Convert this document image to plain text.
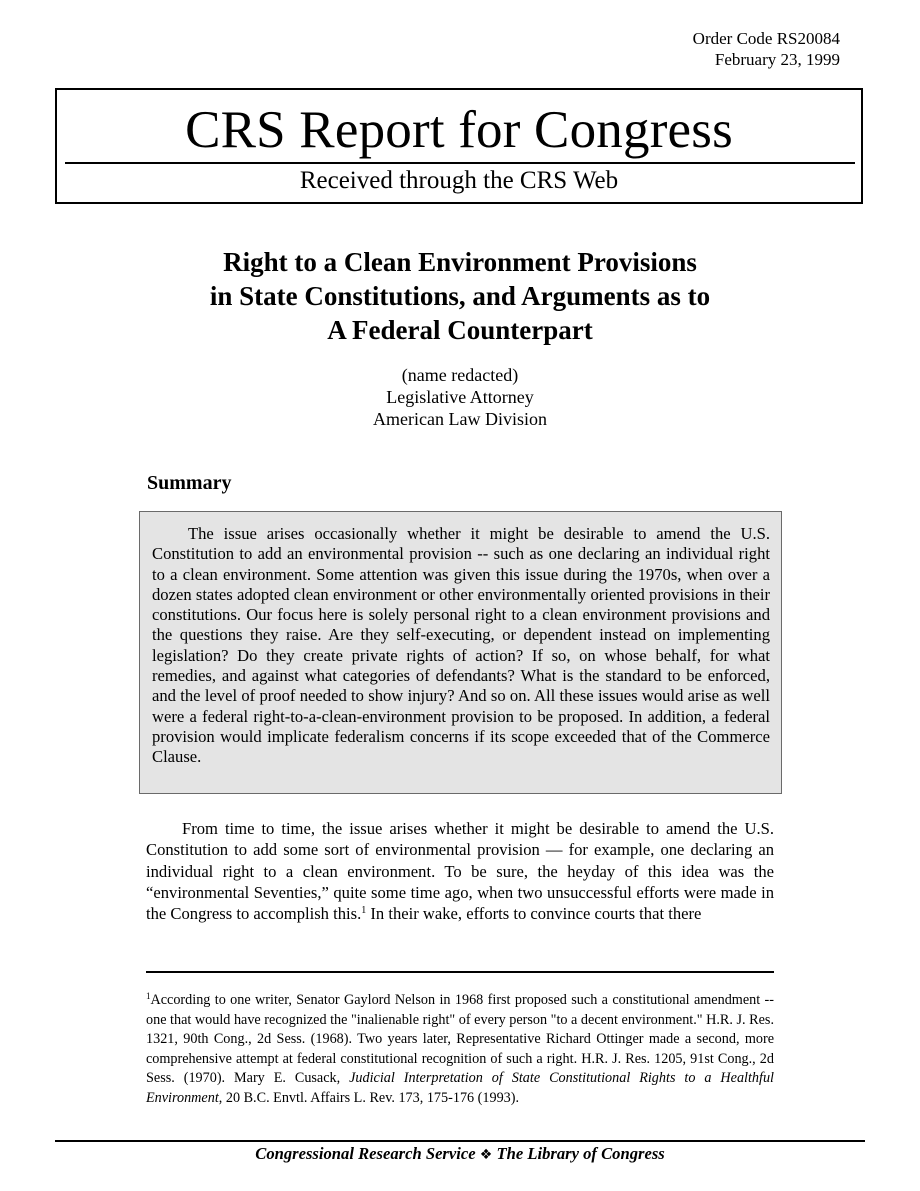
Order Code RS20084
February 23, 1999
CRS Report for Congress
Received through the CRS Web
Right to a Clean Environment Provisions
in State Constitutions, and Arguments as to
A Federal Counterpart
(name redacted)
Legislative Attorney
American Law Division
Summary

The issue arises occasionally whether it might be desirable to amend the U.S. Constitution to add an environmental provision -- such as one declaring an individual right to a clean environment. Some attention was given this issue during the 1970s, when over a dozen states adopted clean environment or other environmentally oriented provisions in their constitutions. Our focus here is solely personal right to a clean environment provisions and the questions they raise. Are they self-executing, or dependent instead on implementing legislation? Do they create private rights of action? If so, on whose behalf, for what remedies, and against what categories of defendants? What is the standard to be enforced, and the level of proof needed to show injury? And so on. All these issues would arise as well were a federal right-to-a-clean-environment provision to be proposed. In addition, a federal provision would implicate federalism concerns if its scope exceeded that of the Commerce Clause.

From time to time, the issue arises whether it might be desirable to amend the U.S. Constitution to add some sort of environmental provision — for example, one declaring an individual right to a clean environment. To be sure, the heyday of this idea was the “environmental Seventies,” quite some time ago, when two unsuccessful efforts were made in the Congress to accomplish this.$^1$ In their wake, efforts to convince courts that there

$^1$According to one writer, Senator Gaylord Nelson in 1968 first proposed such a constitutional amendment -- one that would have recognized the "inalienable right" of every person "to a decent environment." H.R. J. Res. 1321, 90th Cong., 2d Sess. (1968). Two years later, Representative Richard Ottinger made a second, more comprehensive attempt at federal constitutional recognition of such a right. H.R. J. Res. 1205, 91st Cong., 2d Sess. (1970). Mary E. Cusack, Judicial Interpretation of State Constitutional Rights to a Healthful Environment, 20 B.C. Envtl. Affairs L. Rev. 173, 175-176 (1993).

Congressional Research Service ❖ The Library of Congress
